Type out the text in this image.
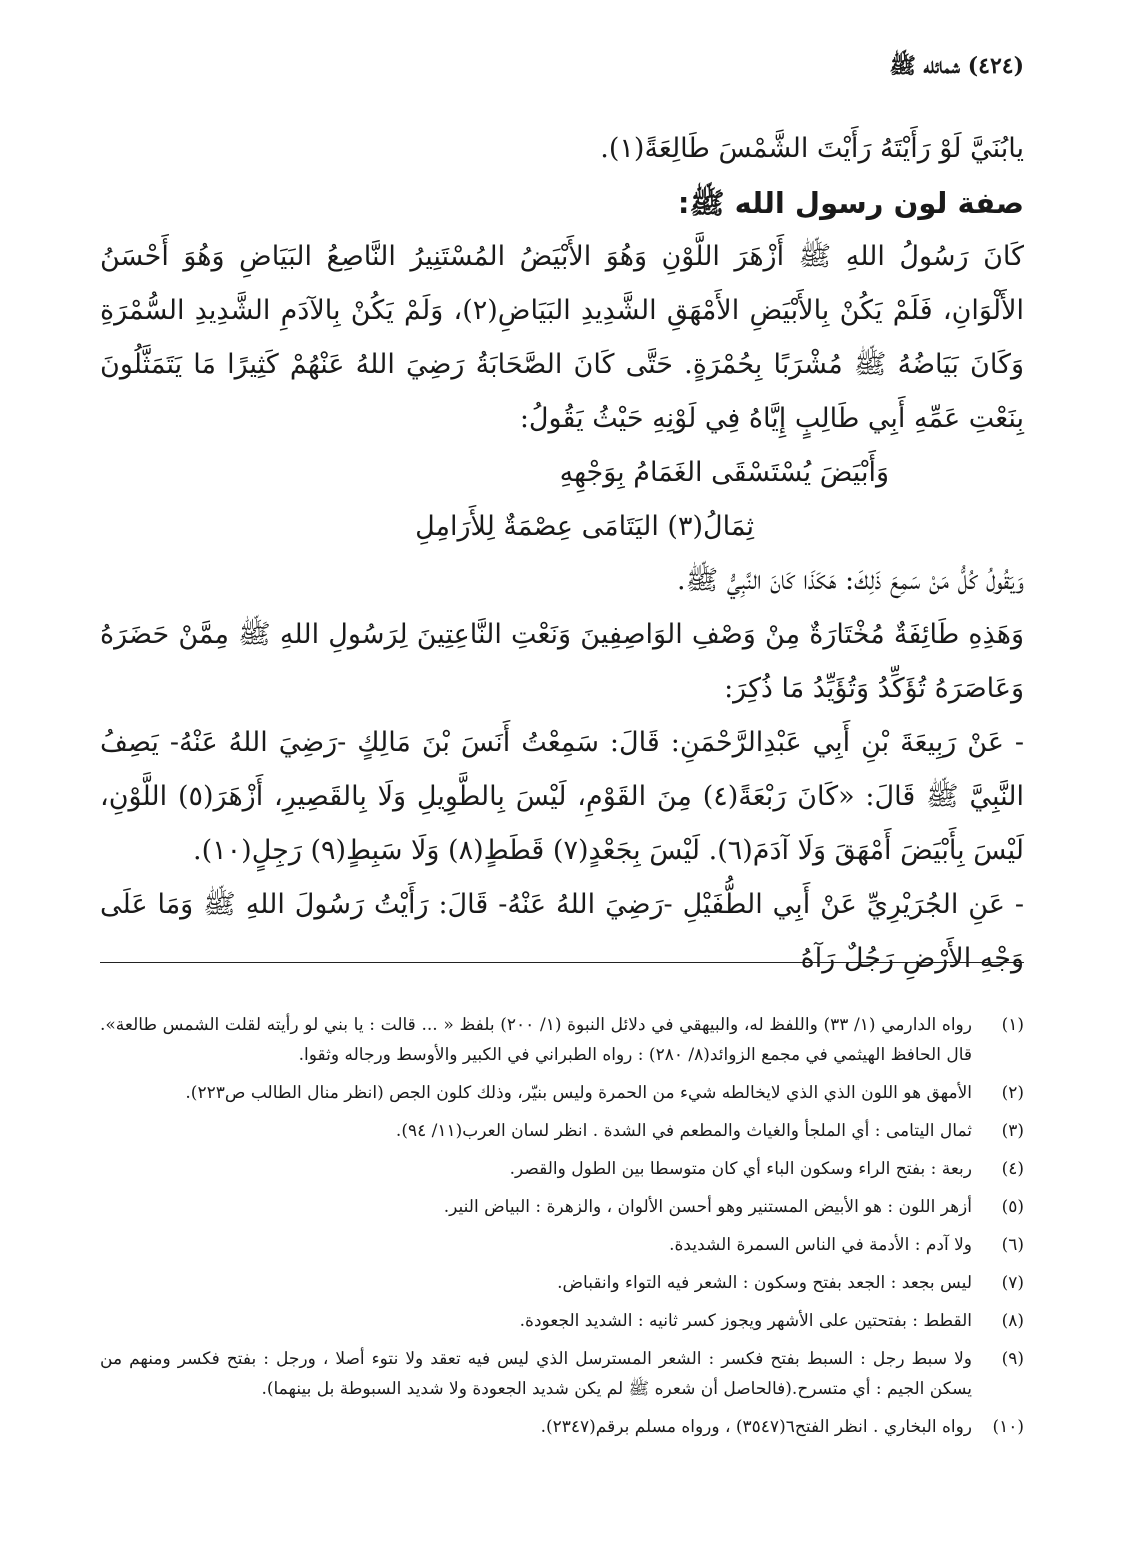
(٤٢٤) شمائله ﷺ

يابُنَيَّ لَوْ رَأَيْتَهُ رَأَيْتَ الشَّمْسَ طَالِعَةً(١).

صفة لون رسول الله ﷺ:

كَانَ رَسُولُ اللهِ ﷺ أَزْهَرَ اللَّوْنِ وَهُوَ الأَبْيَضُ المُسْتَنِيرُ النَّاصِعُ البَيَاضِ وَهُوَ أَحْسَنُ الأَلْوَانِ، فَلَمْ يَكُنْ بِالأَبْيَضِ الأَمْهَقِ الشَّدِيدِ البَيَاضِ(٢)، وَلَمْ يَكُنْ بِالآدَمِ الشَّدِيدِ السُّمْرَةِ وَكَانَ بَيَاضُهُ ﷺ مُشْرَبًا بِحُمْرَةٍ. حَتَّى كَانَ الصَّحَابَةُ رَضِيَ اللهُ عَنْهُمْ كَثِيرًا مَا يَتَمَثَّلُونَ بِنَعْتِ عَمِّهِ أَبِي طَالِبٍ إِيَّاهُ فِي لَوْنِهِ حَيْثُ يَقُولُ:

وَأَبْيَضَ يُسْتَسْقَى الغَمَامُ بِوَجْهِهِ

ثِمَالُ(٣) اليَتَامَى عِصْمَةٌ لِلأَرَامِلِ

وَيَقُولُ كُلُّ مَنْ سَمِعَ ذَلِكَ: هَكَذَا كَانَ النَّبِيُّ ﷺ.

وَهَذِهِ طَائِفَةٌ مُخْتَارَةٌ مِنْ وَصْفِ الوَاصِفِينَ وَنَعْتِ النَّاعِتِينَ لِرَسُولِ اللهِ ﷺ مِمَّنْ حَضَرَهُ وَعَاصَرَهُ تُؤَكِّدُ وَتُؤَيِّدُ مَا ذُكِرَ:

- عَنْ رَبِيعَةَ بْنِ أَبِي عَبْدِالرَّحْمَنِ: قَالَ: سَمِعْتُ أَنَسَ بْنَ مَالِكٍ -رَضِيَ اللهُ عَنْهُ- يَصِفُ النَّبِيَّ ﷺ قَالَ: «كَانَ رَبْعَةً(٤) مِنَ القَوْمِ، لَيْسَ بِالطَّوِيلِ وَلَا بِالقَصِيرِ، أَزْهَرَ(٥) اللَّوْنِ، لَيْسَ بِأَبْيَضَ أَمْهَقَ وَلَا آدَمَ(٦). لَيْسَ بِجَعْدٍ(٧) قَطَطٍ(٨) وَلَا سَبِطٍ(٩) رَجِلٍ(١٠).

- عَنِ الجُرَيْرِيِّ عَنْ أَبِي الطُّفَيْلِ -رَضِيَ اللهُ عَنْهُ- قَالَ: رَأَيْتُ رَسُولَ اللهِ ﷺ وَمَا عَلَى وَجْهِ الأَرْضِ رَجُلٌ رَآهُ

(١)
رواه الدارمي (١/ ٣٣) واللفظ له، والبيهقي في دلائل النبوة (١/ ٢٠٠) بلفظ « ... قالت : يا بني لو رأيته لقلت الشمس طالعة». قال الحافظ الهيثمي في مجمع الزوائد(٨/ ٢٨٠) : رواه الطبراني في الكبير والأوسط ورجاله وثقوا.
(٢)
الأمهق هو اللون الذي الذي لايخالطه شيء من الحمرة وليس بنيّر، وذلك كلون الجص (انظر منال الطالب ص٢٢٣).
(٣)
ثمال اليتامى : أي الملجأ والغياث والمطعم في الشدة . انظر لسان العرب(١١/ ٩٤).
(٤)
ربعة : بفتح الراء وسكون الباء أي كان متوسطا بين الطول والقصر.
(٥)
أزهر اللون : هو الأبيض المستنير وهو أحسن الألوان ، والزهرة : البياض النير.
(٦)
ولا آدم : الأدمة في الناس السمرة الشديدة.
(٧)
ليس بجعد : الجعد بفتح وسكون : الشعر فيه التواء وانقباض.
(٨)
القطط : بفتحتين على الأشهر ويجوز كسر ثانيه : الشديد الجعودة.
(٩)
ولا سبط رجل : السبط بفتح فكسر : الشعر المسترسل الذي ليس فيه تعقد ولا نتوء أصلا ، ورجل : بفتح فكسر ومنهم من يسكن الجيم : أي متسرح.(فالحاصل أن شعره ﷺ لم يكن شديد الجعودة ولا شديد السبوطة بل بينهما).
(١٠)
رواه البخاري . انظر الفتح٦(٣٥٤٧) ، ورواه مسلم برقم(٢٣٤٧).
